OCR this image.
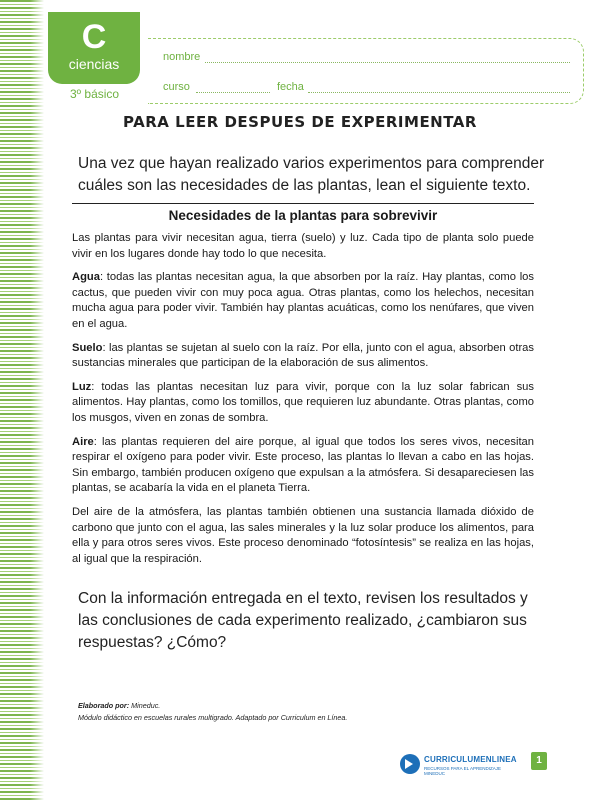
C
ciencias
3º básico
nombre
curso	fecha
PARA LEER DESPUES DE EXPERIMENTAR
Una vez que hayan realizado varios experimentos para comprender cuáles son las necesidades de las plantas, lean el siguiente texto.
Necesidades de la plantas para sobrevivir

Las plantas para vivir necesitan agua, tierra (suelo) y luz. Cada tipo de planta solo puede vivir en los lugares donde hay todo lo que necesita.

Agua: todas las plantas necesitan agua, la que absorben por la raíz. Hay plantas, como los cactus, que pueden vivir con muy poca agua. Otras plantas, como los helechos, necesitan mucha agua para poder vivir. También hay plantas acuáticas, como los nenúfares, que viven en el agua.

Suelo: las plantas se sujetan al suelo con la raíz. Por ella, junto con el agua, absorben otras sustancias minerales que participan de la elaboración de sus alimentos.

Luz: todas las plantas necesitan luz para vivir, porque con la luz solar fabrican sus alimentos. Hay plantas, como los tomillos, que requieren luz abundante. Otras plantas, como los musgos, viven en zonas de sombra.

Aire: las plantas requieren del aire porque, al igual que todos los seres vivos, necesitan respirar el oxígeno para poder vivir. Este proceso, las plantas lo llevan a cabo en las hojas. Sin embargo, también producen oxígeno que expulsan a la atmósfera. Si desapareciesen las plantas, se acabaría la vida en el planeta Tierra.

Del aire de la atmósfera, las plantas también obtienen una sustancia llamada dióxido de carbono que junto con el agua, las sales minerales y la luz solar produce los alimentos, para ella y para otros seres vivos. Este proceso denominado “fotosíntesis” se realiza en las hojas, al igual que la respiración.

Con la información entregada en el texto, revisen los resultados y las conclusiones de cada experimento realizado, ¿cambiaron sus respuestas? ¿Cómo?
Elaborado por: Mineduc.
Módulo didáctico en escuelas rurales multigrado. Adaptado por Curriculum en Línea.
CURRICULUMENLINEA
RECURSOS PARA EL APRENDIZAJE MINEDUC
1
